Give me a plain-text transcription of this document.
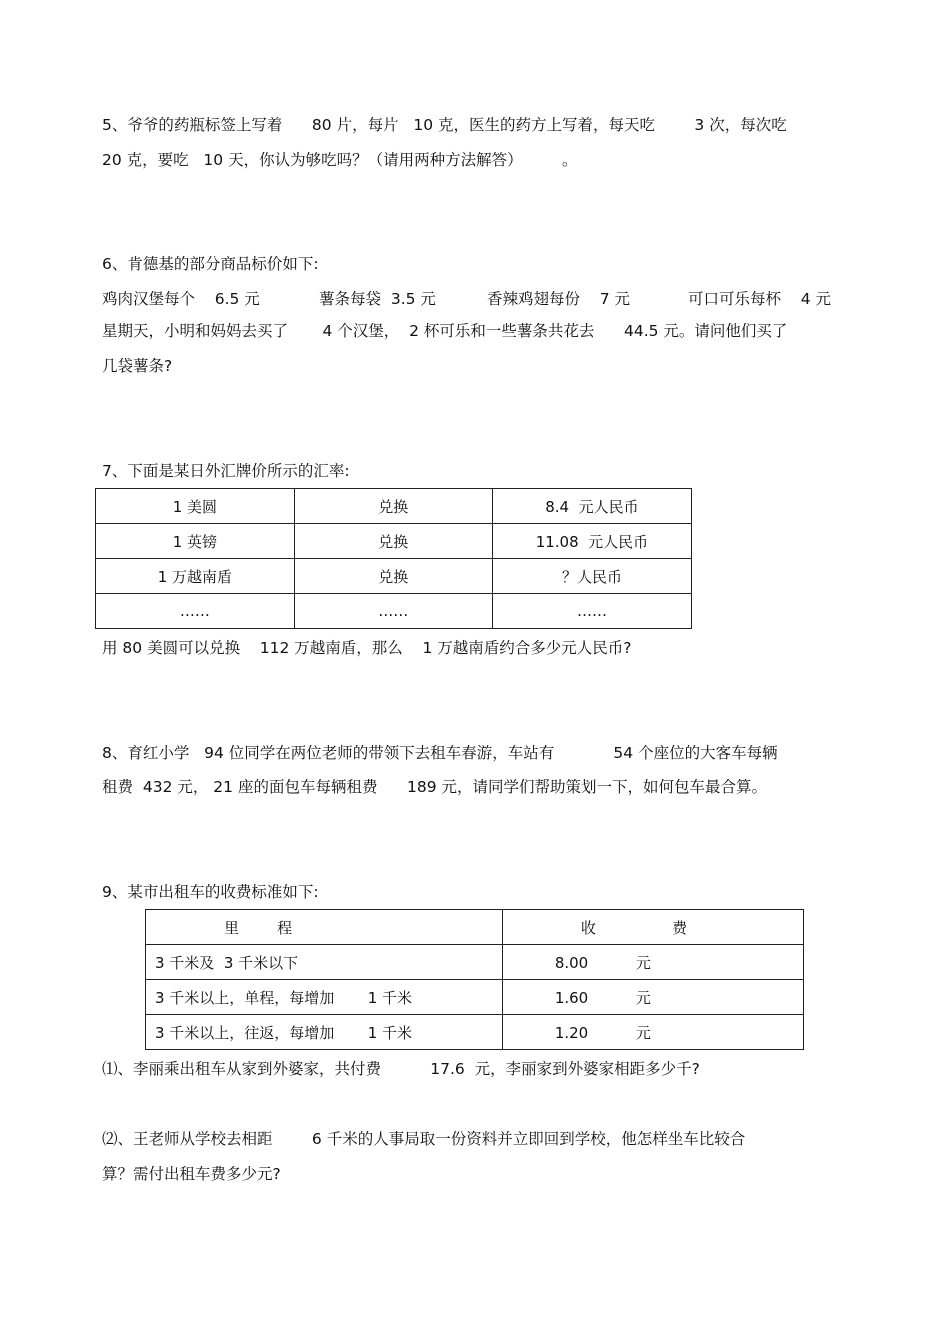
5、爷爷的药瓶标签上写着      80 片，每片   10 克，医生的药方上写着，每天吃        3 次，每次吃
20 克，要吃   10 天，你认为够吃吗？（请用两种方法解答）        。
6、肯德基的部分商品标价如下:
鸡肉汉堡每个    6.5 元	薯条每袋  3.5 元	香辣鸡翅每份    7 元	可口可乐每杯    4 元
星期天，小明和妈妈去买了       4 个汉堡，  2 杯可乐和一些薯条共花去      44.5 元。请问他们买了
几袋薯条?
7、下面是某日外汇牌价所示的汇率:
1 美圆	兑换	8.4  元人民币
1 英镑	兑换	11.08  元人民币
1 万越南盾	兑换	？人民币
……	……	……
用 80 美圆可以兑换    112 万越南盾，那么    1 万越南盾约合多少元人民币?
8、育红小学   94 位同学在两位老师的带领下去租车春游，车站有            54 个座位的大客车每辆
租费  432 元， 21 座的面包车每辆租费      189 元，请同学们帮助策划一下，如何包车最合算。
9、某市出租车的收费标准如下:
里        程	收                费
3 千米及  3 千米以下	8.00          元
3 千米以上，单程，每增加       1 千米	1.60          元
3 千米以上，往返，每增加       1 千米	1.20          元
⑴、李丽乘出租车从家到外婆家，共付费          17.6  元，李丽家到外婆家相距多少千?
⑵、王老师从学校去相距        6 千米的人事局取一份资料并立即回到学校，他怎样坐车比较合
算？需付出租车费多少元?
